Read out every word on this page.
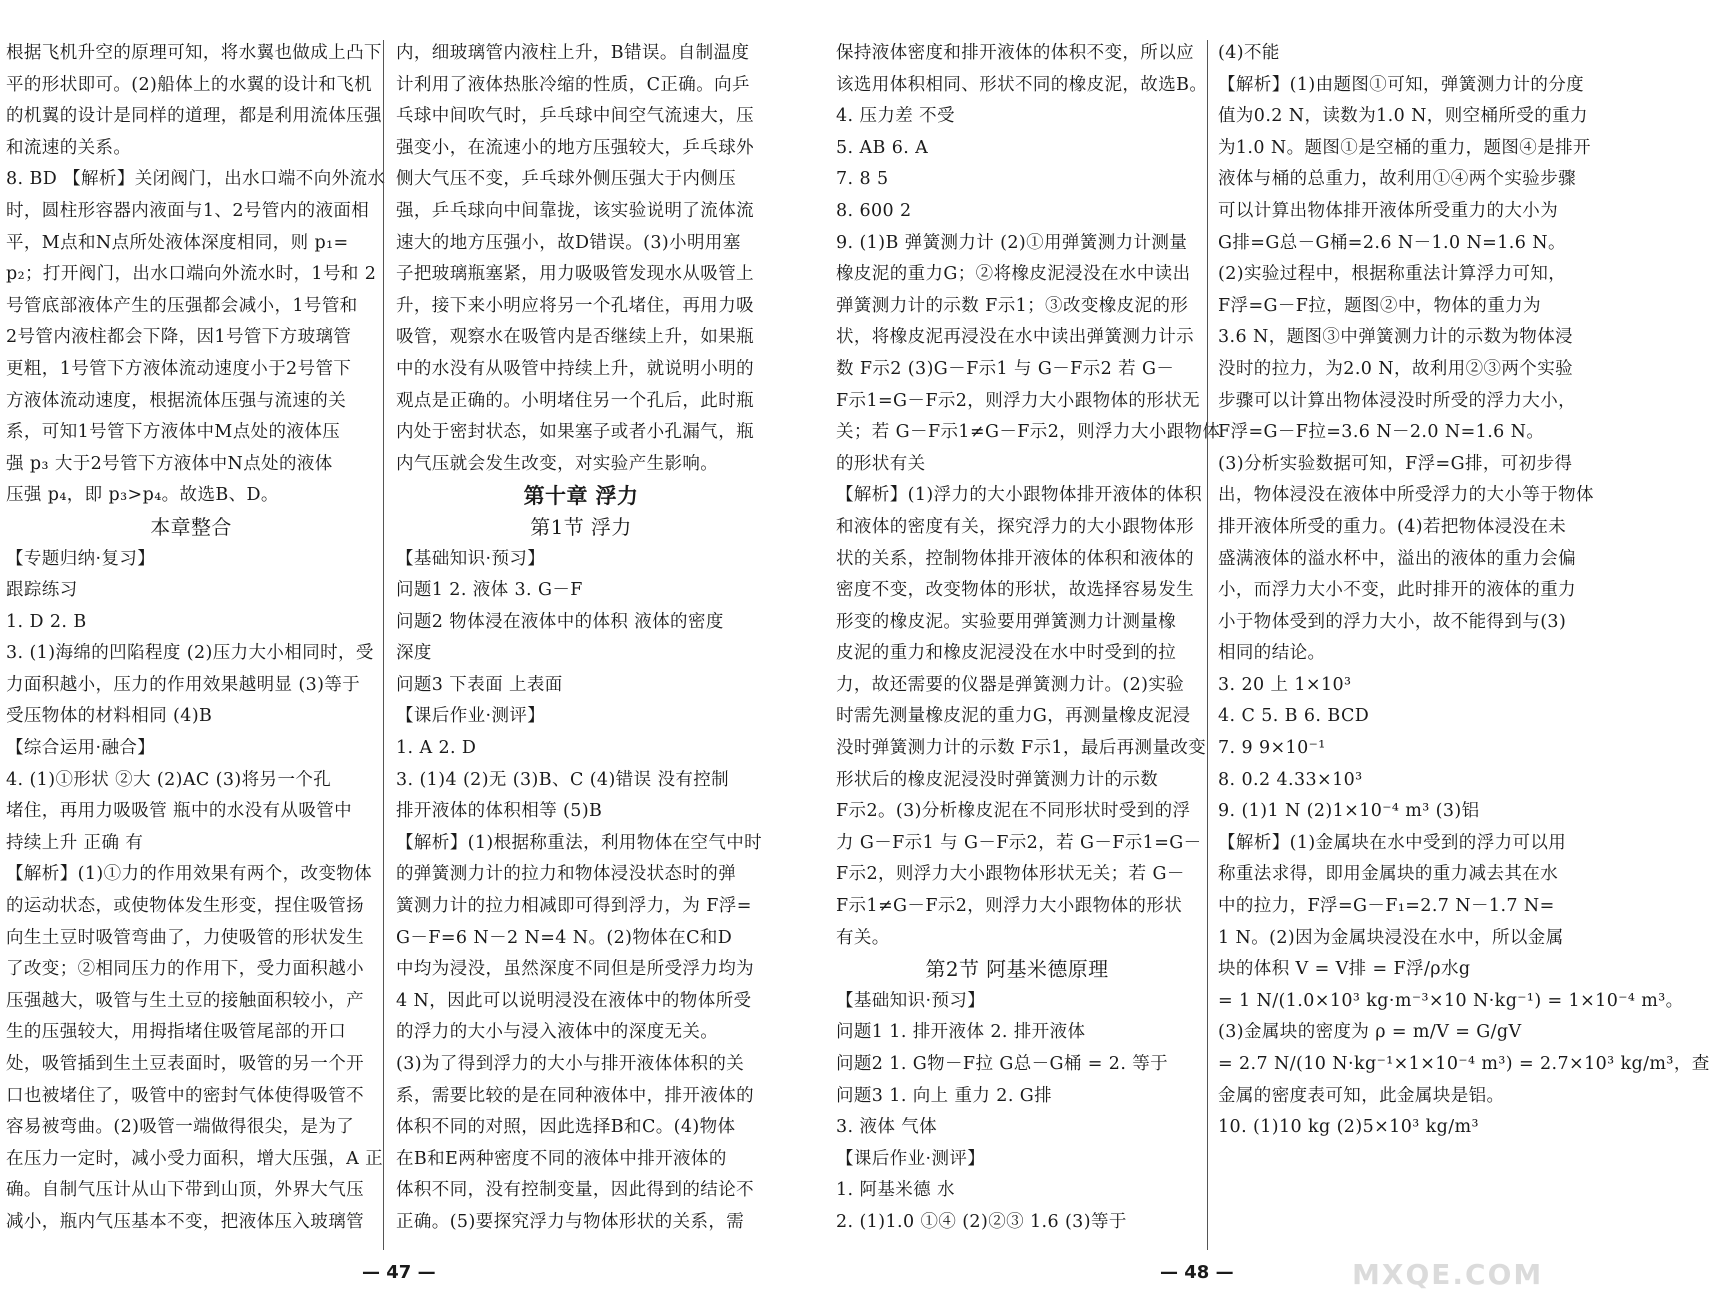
根据飞机升空的原理可知，将水翼也做成上凸下

平的形状即可。(2)船体上的水翼的设计和飞机

的机翼的设计是同样的道理，都是利用流体压强

和流速的关系。

8. BD 【解析】关闭阀门，出水口端不向外流水

时，圆柱形容器内液面与1、2号管内的液面相

平，M点和N点所处液体深度相同，则 p₁=

p₂；打开阀门，出水口端向外流水时，1号和 2

号管底部液体产生的压强都会减小，1号管和

2号管内液柱都会下降，因1号管下方玻璃管

更粗，1号管下方液体流动速度小于2号管下

方液体流动速度，根据流体压强与流速的关

系，可知1号管下方液体中M点处的液体压

强 p₃ 大于2号管下方液体中N点处的液体

压强 p₄，即 p₃>p₄。故选B、D。

本章整合

【专题归纳·复习】

跟踪练习

1. D 2. B

3. (1)海绵的凹陷程度 (2)压力大小相同时，受

力面积越小，压力的作用效果越明显 (3)等于

受压物体的材料相同 (4)B

【综合运用·融合】

4. (1)①形状 ②大 (2)AC (3)将另一个孔

堵住，再用力吸吸管 瓶中的水没有从吸管中

持续上升 正确 有

【解析】(1)①力的作用效果有两个，改变物体

的运动状态，或使物体发生形变，捏住吸管扬

向生土豆时吸管弯曲了，力使吸管的形状发生

了改变；②相同压力的作用下，受力面积越小

压强越大，吸管与生土豆的接触面积较小，产

生的压强较大，用拇指堵住吸管尾部的开口

处，吸管插到生土豆表面时，吸管的另一个开

口也被堵住了，吸管中的密封气体使得吸管不

容易被弯曲。(2)吸管一端做得很尖，是为了

在压力一定时，减小受力面积，增大压强，A 正

确。自制气压计从山下带到山顶，外界大气压

减小，瓶内气压基本不变，把液体压入玻璃管

内，细玻璃管内液柱上升，B错误。自制温度

计利用了液体热胀冷缩的性质，C正确。向乒

乓球中间吹气时，乒乓球中间空气流速大，压

强变小，在流速小的地方压强较大，乒乓球外

侧大气压不变，乒乓球外侧压强大于内侧压

强，乒乓球向中间靠拢，该实验说明了流体流

速大的地方压强小，故D错误。(3)小明用塞

子把玻璃瓶塞紧，用力吸吸管发现水从吸管上

升，接下来小明应将另一个孔堵住，再用力吸

吸管，观察水在吸管内是否继续上升，如果瓶

中的水没有从吸管中持续上升，就说明小明的

观点是正确的。小明堵住另一个孔后，此时瓶

内处于密封状态，如果塞子或者小孔漏气，瓶

内气压就会发生改变，对实验产生影响。

第十章 浮力

第1节 浮力

【基础知识·预习】

问题1 2. 液体 3. G－F

问题2 物体浸在液体中的体积 液体的密度

深度

问题3 下表面 上表面

【课后作业·测评】

1. A 2. D

3. (1)4 (2)无 (3)B、C (4)错误 没有控制

排开液体的体积相等 (5)B

【解析】(1)根据称重法，利用物体在空气中时

的弹簧测力计的拉力和物体浸没状态时的弹

簧测力计的拉力相减即可得到浮力，为 F浮=

G－F=6 N－2 N=4 N。(2)物体在C和D

中均为浸没，虽然深度不同但是所受浮力均为

4 N，因此可以说明浸没在液体中的物体所受

的浮力的大小与浸入液体中的深度无关。

(3)为了得到浮力的大小与排开液体体积的关

系，需要比较的是在同种液体中，排开液体的

体积不同的对照，因此选择B和C。(4)物体

在B和E两种密度不同的液体中排开液体的

体积不同，没有控制变量，因此得到的结论不

正确。(5)要探究浮力与物体形状的关系，需

保持液体密度和排开液体的体积不变，所以应

该选用体积相同、形状不同的橡皮泥，故选B。

4. 压力差 不受

5. AB 6. A

7. 8 5

8. 600 2

9. (1)B 弹簧测力计 (2)①用弹簧测力计测量

橡皮泥的重力G；②将橡皮泥浸没在水中读出

弹簧测力计的示数 F示1；③改变橡皮泥的形

状，将橡皮泥再浸没在水中读出弹簧测力计示

数 F示2 (3)G－F示1 与 G－F示2 若 G－

F示1=G－F示2，则浮力大小跟物体的形状无

关；若 G－F示1≠G－F示2，则浮力大小跟物体

的形状有关

【解析】(1)浮力的大小跟物体排开液体的体积

和液体的密度有关，探究浮力的大小跟物体形

状的关系，控制物体排开液体的体积和液体的

密度不变，改变物体的形状，故选择容易发生

形变的橡皮泥。实验要用弹簧测力计测量橡

皮泥的重力和橡皮泥浸没在水中时受到的拉

力，故还需要的仪器是弹簧测力计。(2)实验

时需先测量橡皮泥的重力G，再测量橡皮泥浸

没时弹簧测力计的示数 F示1，最后再测量改变

形状后的橡皮泥浸没时弹簧测力计的示数

F示2。(3)分析橡皮泥在不同形状时受到的浮

力 G－F示1 与 G－F示2，若 G－F示1=G－

F示2，则浮力大小跟物体形状无关；若 G－

F示1≠G－F示2，则浮力大小跟物体的形状

有关。

第2节 阿基米德原理

【基础知识·预习】

问题1 1. 排开液体 2. 排开液体

问题2 1. G物－F拉 G总－G桶 = 2. 等于

问题3 1. 向上 重力 2. G排

3. 液体 气体

【课后作业·测评】

1. 阿基米德 水

2. (1)1.0 ①④ (2)②③ 1.6 (3)等于

(4)不能

【解析】(1)由题图①可知，弹簧测力计的分度

值为0.2 N，读数为1.0 N，则空桶所受的重力

为1.0 N。题图①是空桶的重力，题图④是排开

液体与桶的总重力，故利用①④两个实验步骤

可以计算出物体排开液体所受重力的大小为

G排=G总－G桶=2.6 N－1.0 N=1.6 N。

(2)实验过程中，根据称重法计算浮力可知，

F浮=G－F拉，题图②中，物体的重力为

3.6 N，题图③中弹簧测力计的示数为物体浸

没时的拉力，为2.0 N，故利用②③两个实验

步骤可以计算出物体浸没时所受的浮力大小，

F浮=G－F拉=3.6 N－2.0 N=1.6 N。

(3)分析实验数据可知，F浮=G排，可初步得

出，物体浸没在液体中所受浮力的大小等于物体

排开液体所受的重力。(4)若把物体浸没在未

盛满液体的溢水杯中，溢出的液体的重力会偏

小，而浮力大小不变，此时排开的液体的重力

小于物体受到的浮力大小，故不能得到与(3)

相同的结论。

3. 20 上 1×10³

4. C 5. B 6. BCD

7. 9 9×10⁻¹

8. 0.2 4.33×10³

9. (1)1 N (2)1×10⁻⁴ m³ (3)铝

【解析】(1)金属块在水中受到的浮力可以用

称重法求得，即用金属块的重力减去其在水

中的拉力，F浮=G－F₁=2.7 N－1.7 N=

1 N。(2)因为金属块浸没在水中，所以金属

块的体积 V = V排 = F浮/ρ水g

= 1 N/(1.0×10³ kg·m⁻³×10 N·kg⁻¹) = 1×10⁻⁴ m³。

(3)金属块的密度为 ρ = m/V = G/gV

= 2.7 N/(10 N·kg⁻¹×1×10⁻⁴ m³) = 2.7×10³ kg/m³，查

金属的密度表可知，此金属块是铝。

10. (1)10 kg (2)5×10³ kg/m³

— 47 —	— 48 —	MXQE.COM
